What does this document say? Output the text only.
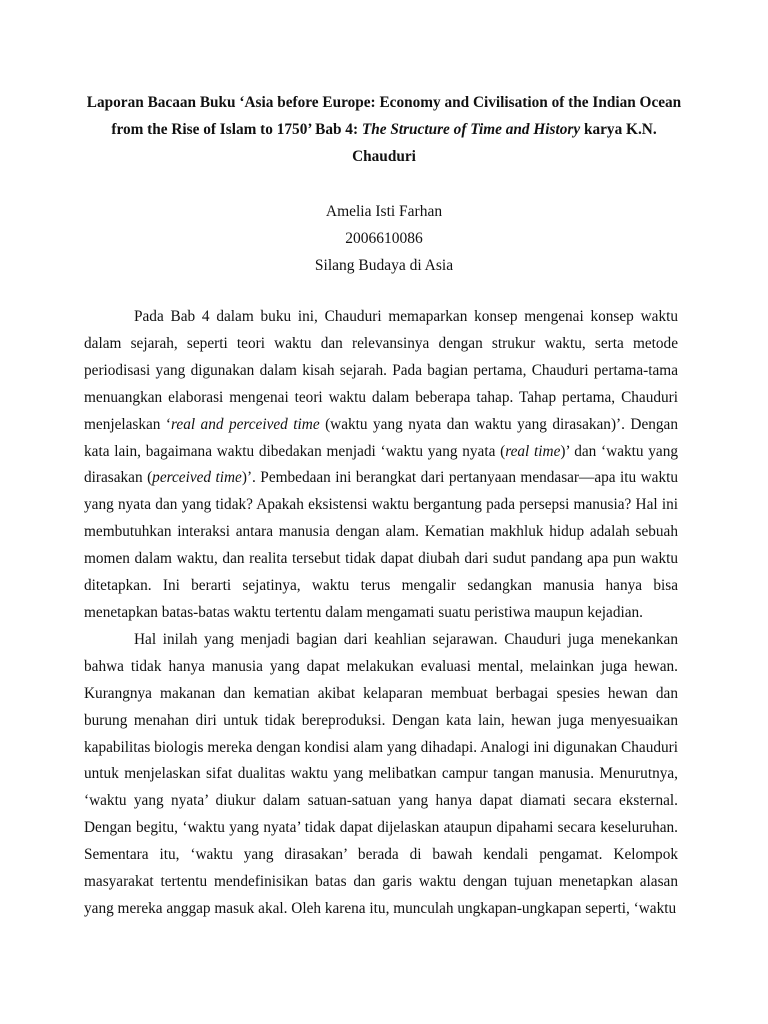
Laporan Bacaan Buku ‘Asia before Europe: Economy and Civilisation of the Indian Ocean from the Rise of Islam to 1750’ Bab 4: The Structure of Time and History karya K.N. Chauduri
Amelia Isti Farhan
2006610086
Silang Budaya di Asia

Pada Bab 4 dalam buku ini, Chauduri memaparkan konsep mengenai konsep waktu dalam sejarah, seperti teori waktu dan relevansinya dengan strukur waktu, serta metode periodisasi yang digunakan dalam kisah sejarah. Pada bagian pertama, Chauduri pertama-tama menuangkan elaborasi mengenai teori waktu dalam beberapa tahap. Tahap pertama, Chauduri menjelaskan ‘real and perceived time (waktu yang nyata dan waktu yang dirasakan)’. Dengan kata lain, bagaimana waktu dibedakan menjadi ‘waktu yang nyata (real time)’ dan ‘waktu yang dirasakan (perceived time)’. Pembedaan ini berangkat dari pertanyaan mendasar—apa itu waktu yang nyata dan yang tidak? Apakah eksistensi waktu bergantung pada persepsi manusia? Hal ini membutuhkan interaksi antara manusia dengan alam. Kematian makhluk hidup adalah sebuah momen dalam waktu, dan realita tersebut tidak dapat diubah dari sudut pandang apa pun waktu ditetapkan. Ini berarti sejatinya, waktu terus mengalir sedangkan manusia hanya bisa menetapkan batas-batas waktu tertentu dalam mengamati suatu peristiwa maupun kejadian.

Hal inilah yang menjadi bagian dari keahlian sejarawan. Chauduri juga menekankan bahwa tidak hanya manusia yang dapat melakukan evaluasi mental, melainkan juga hewan. Kurangnya makanan dan kematian akibat kelaparan membuat berbagai spesies hewan dan burung menahan diri untuk tidak bereproduksi. Dengan kata lain, hewan juga menyesuaikan kapabilitas biologis mereka dengan kondisi alam yang dihadapi. Analogi ini digunakan Chauduri untuk menjelaskan sifat dualitas waktu yang melibatkan campur tangan manusia. Menurutnya, ‘waktu yang nyata’ diukur dalam satuan-satuan yang hanya dapat diamati secara eksternal. Dengan begitu, ‘waktu yang nyata’ tidak dapat dijelaskan ataupun dipahami secara keseluruhan. Sementara itu, ‘waktu yang dirasakan’ berada di bawah kendali pengamat. Kelompok masyarakat tertentu mendefinisikan batas dan garis waktu dengan tujuan menetapkan alasan yang mereka anggap masuk akal. Oleh karena itu, munculah ungkapan-ungkapan seperti, ‘waktu
